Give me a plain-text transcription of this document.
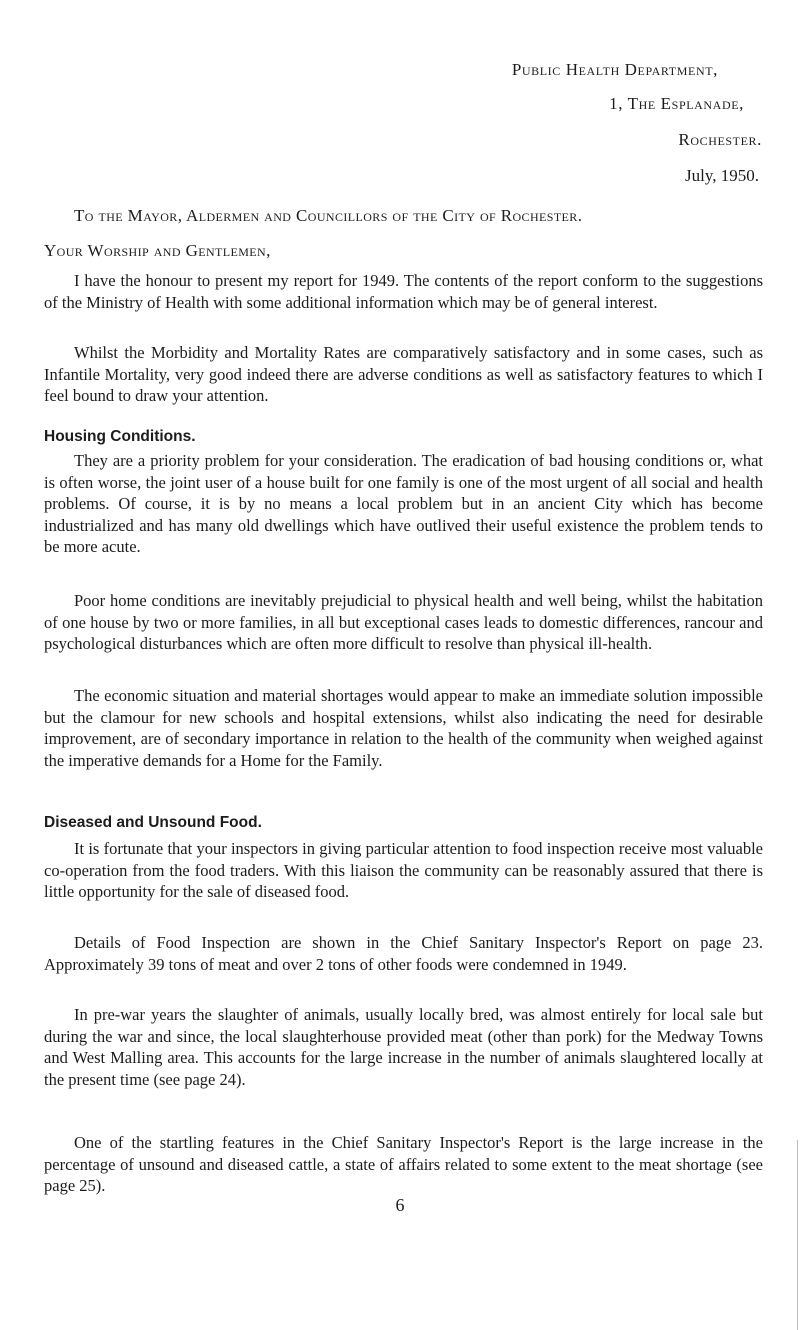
Public Health Department,
1, The Esplanade,
Rochester.
July, 1950.
To the Mayor, Aldermen and Councillors of the City of Rochester.
Your Worship and Gentlemen,

I have the honour to present my report for 1949. The contents of the report conform to the suggestions of the Ministry of Health with some additional information which may be of general interest.

Whilst the Morbidity and Mortality Rates are comparatively satisfactory and in some cases, such as Infantile Mortality, very good indeed there are adverse conditions as well as satisfactory features to which I feel bound to draw your attention.

Housing Conditions.

They are a priority problem for your consideration. The eradication of bad housing conditions or, what is often worse, the joint user of a house built for one family is one of the most urgent of all social and health problems. Of course, it is by no means a local problem but in an ancient City which has become industrialized and has many old dwellings which have outlived their useful existence the problem tends to be more acute.

Poor home conditions are inevitably prejudicial to physical health and well being, whilst the habitation of one house by two or more families, in all but exceptional cases leads to domestic differences, rancour and psychological disturbances which are often more difficult to resolve than physical ill-health.

The economic situation and material shortages would appear to make an immediate solution impossible but the clamour for new schools and hospital extensions, whilst also indicating the need for desirable improvement, are of secondary importance in relation to the health of the community when weighed against the imperative demands for a Home for the Family.

Diseased and Unsound Food.

It is fortunate that your inspectors in giving particular attention to food inspection receive most valuable co-operation from the food traders. With this liaison the community can be reasonably assured that there is little opportunity for the sale of diseased food.

Details of Food Inspection are shown in the Chief Sanitary Inspector's Report on page 23. Approximately 39 tons of meat and over 2 tons of other foods were condemned in 1949.

In pre-war years the slaughter of animals, usually locally bred, was almost entirely for local sale but during the war and since, the local slaughterhouse provided meat (other than pork) for the Medway Towns and West Malling area. This accounts for the large increase in the number of animals slaughtered locally at the present time (see page 24).

One of the startling features in the Chief Sanitary Inspector's Report is the large increase in the percentage of unsound and diseased cattle, a state of affairs related to some extent to the meat shortage (see page 25).

6
